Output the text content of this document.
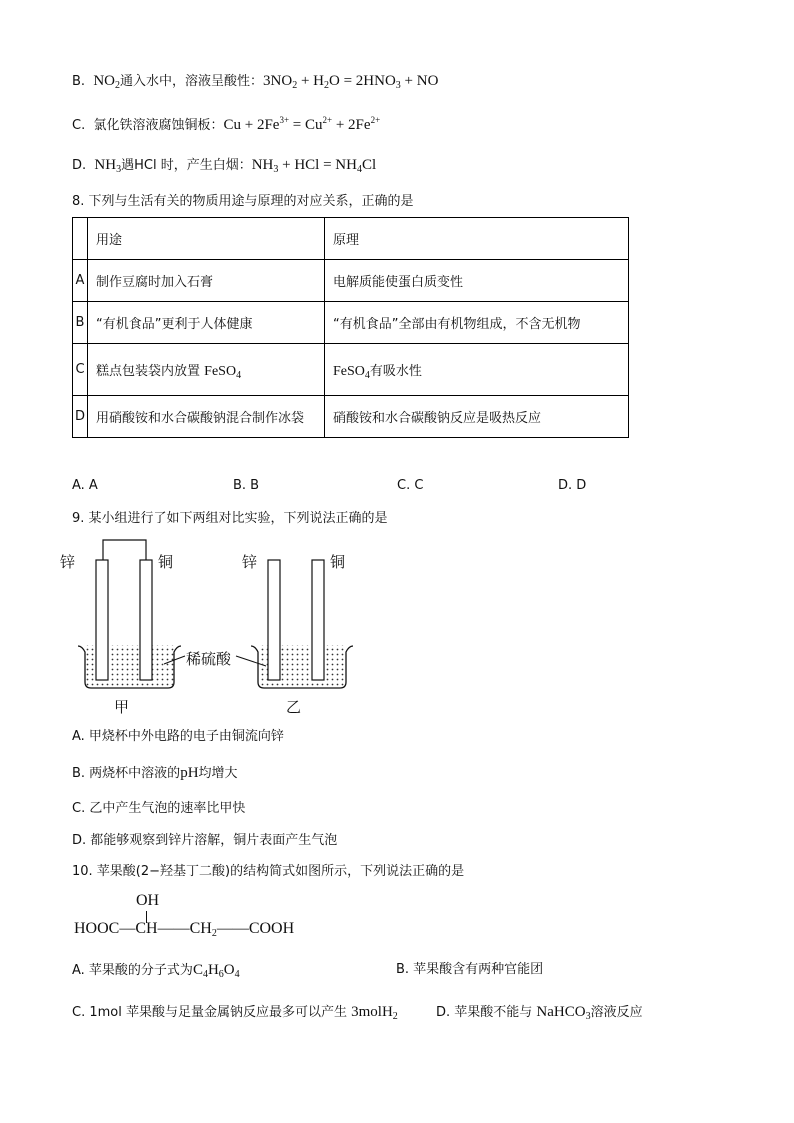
B. $NO_2$通入水中，溶液呈酸性：$3NO_2 + H_2O = 2HNO_3$ + NO
C. 氯化铁溶液腐蚀铜板：$Cu + 2Fe^{3+} = Cu^{2+} + 2Fe^{2+}$
D. $NH_3$遇HCl 时，产生白烟：$NH_3$ + HCl = $NH_4Cl$
8. 下列与生活有关的物质用途与原理的对应关系，正确的是
	用途	原理
A	制作豆腐时加入石膏	电解质能使蛋白质变性
B	“有机食品”更利于人体健康	“有机食品”全部由有机物组成，不含无机物
C	糕点包装袋内放置 FeSO$_4$	FeSO$_4$有吸水性
D	用硝酸铵和水合碳酸钠混合制作冰袋	硝酸铵和水合碳酸钠反应是吸热反应
A. A	B. B	C. C	D. D
9. 某小组进行了如下两组对比实验，下列说法正确的是
锌	铜
甲
稀硫酸
锌	铜
乙
A. 甲烧杯中外电路的电子由铜流向锌
B. 两烧杯中溶液的pH均增大
C. 乙中产生气泡的速率比甲快
D. 都能够观察到锌片溶解，铜片表面产生气泡
10. 苹果酸(2−羟基丁二酸)的结构简式如图所示，下列说法正确的是
OH
$HOOC—CH——CH_2——COOH$
A. 苹果酸的分子式为$C_4H_6O_4$	B. 苹果酸含有两种官能团
C. 1mol 苹果酸与足量金属钠反应最多可以产生 3molH$_2$	D. 苹果酸不能与 NaHCO$_3$溶液反应
